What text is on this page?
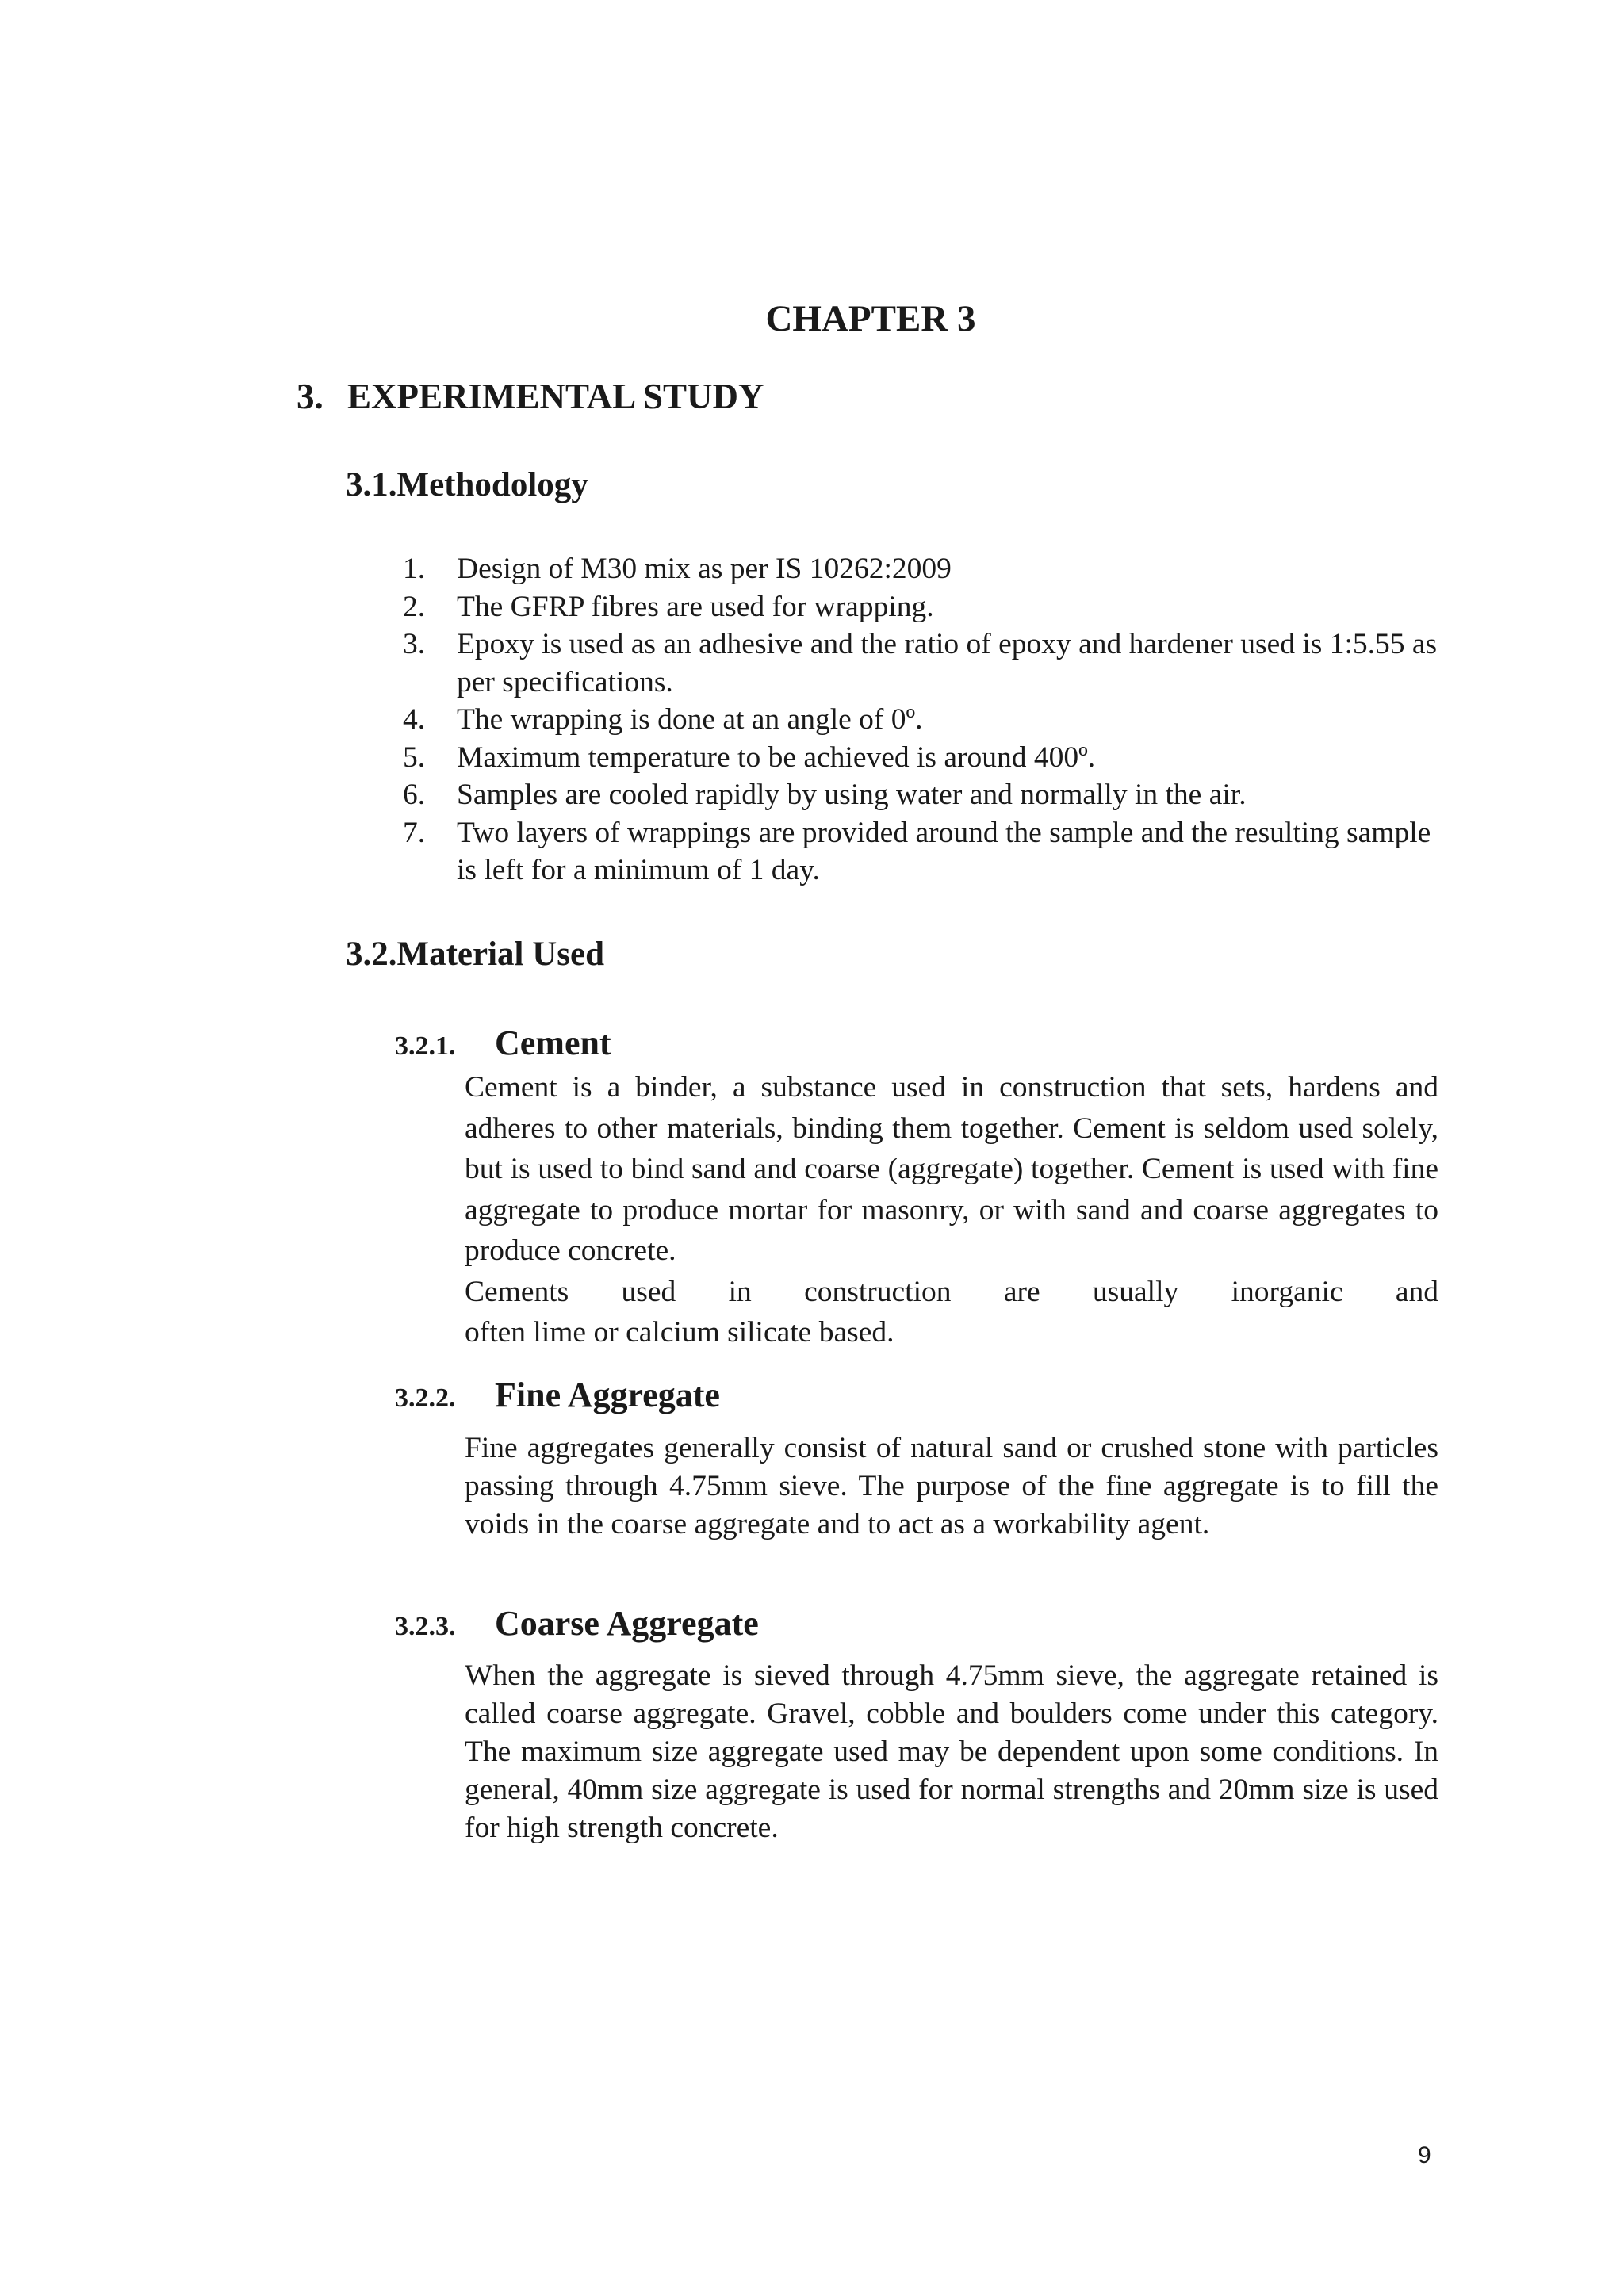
CHAPTER 3
3. EXPERIMENTAL STUDY
3.1.Methodology
1. Design of M30 mix as per IS 10262:2009
2. The GFRP fibres are used for wrapping.
3. Epoxy is used as an adhesive and the ratio of epoxy and hardener used is 1:5.55 as per specifications.
4. The wrapping is done at an angle of 0º.
5. Maximum temperature to be achieved is around 400º.
6. Samples are cooled rapidly by using water and normally in the air.
7. Two layers of wrappings are provided around the sample and the resulting sample is left for a minimum of 1 day.
3.2.Material Used
3.2.1. Cement

Cement is a binder, a substance used in construction that sets, hardens and adheres to other materials, binding them together. Cement is seldom used solely, but is used to bind sand and coarse (aggregate) together. Cement is used with fine aggregate to produce mortar for masonry, or with sand and coarse aggregates to produce concrete.

Cements used in construction are usually inorganic and

often lime or calcium silicate based.

3.2.2. Fine Aggregate

Fine aggregates generally consist of natural sand or crushed stone with particles passing through 4.75mm sieve. The purpose of the fine aggregate is to fill the voids in the coarse aggregate and to act as a workability agent.

3.2.3. Coarse Aggregate

When the aggregate is sieved through 4.75mm sieve, the aggregate retained is called coarse aggregate. Gravel, cobble and boulders come under this category. The maximum size aggregate used may be dependent upon some conditions. In general, 40mm size aggregate is used for normal strengths and 20mm size is used for high strength concrete.

9
